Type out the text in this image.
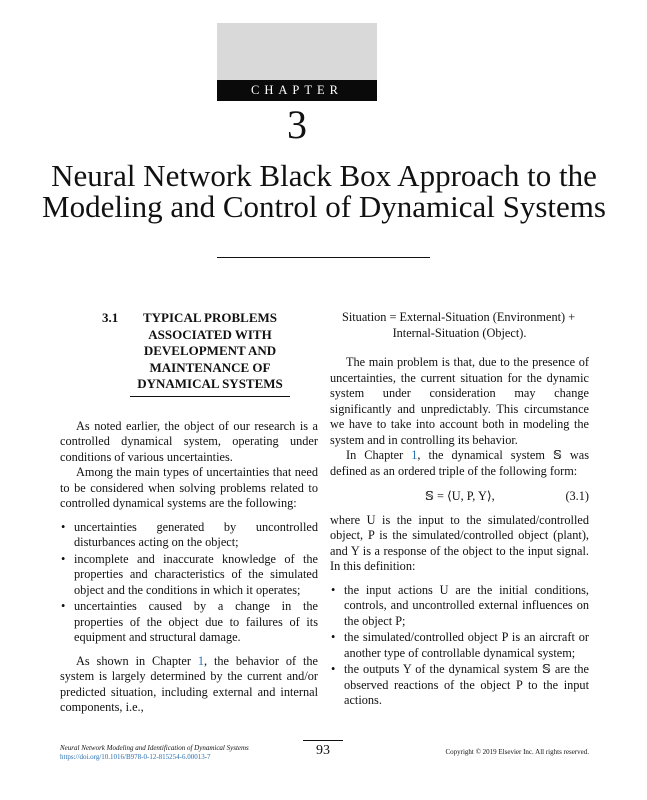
CHAPTER
3
Neural Network Black Box Approach to the Modeling and Control of Dynamical Systems
3.1	TYPICAL PROBLEMS ASSOCIATED WITH DEVELOPMENT AND MAINTENANCE OF DYNAMICAL SYSTEMS

As noted earlier, the object of our research is a controlled dynamical system, operating under conditions of various uncertainties.

Among the main types of uncertainties that need to be considered when solving problems related to controlled dynamical systems are the following:

• uncertainties generated by uncontrolled disturbances acting on the object;
• incomplete and inaccurate knowledge of the properties and characteristics of the simulated object and the conditions in which it operates;
• uncertainties caused by a change in the properties of the object due to failures of its equipment and structural damage.

As shown in Chapter 1, the behavior of the system is largely determined by the current and/or predicted situation, including external and internal components, i.e.,

Situation = External-Situation (Environment) +
Internal-Situation (Object).

The main problem is that, due to the presence of uncertainties, the current situation for the dynamic system under consideration may change significantly and unpredictably. This circumstance we have to take into account both in modeling the system and in controlling its behavior.

In Chapter 1, the dynamical system 𝕊 was defined as an ordered triple of the following form:

𝕊 = ⟨U, P, Y⟩,	(3.1)

where U is the input to the simulated/controlled object, P is the simulated/controlled object (plant), and Y is a response of the object to the input signal. In this definition:

• the input actions U are the initial conditions, controls, and uncontrolled external influences on the object P;
• the simulated/controlled object P is an aircraft or another type of controllable dynamical system;
• the outputs Y of the dynamical system 𝕊 are the observed reactions of the object P to the input actions.
93
Neural Network Modeling and Identification of Dynamical Systems
https://doi.org/10.1016/B978-0-12-815254-6.00013-7
Copyright © 2019 Elsevier Inc. All rights reserved.
